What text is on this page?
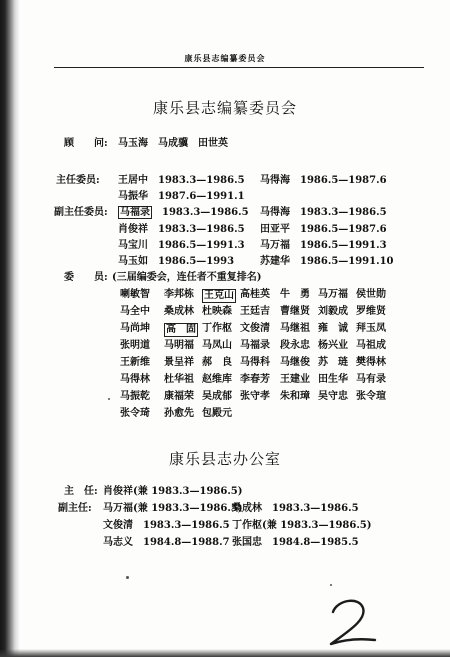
康乐县志编纂委员会
康乐县志编纂委员会
顾　　问: 马玉海　马成骥　田世英
主任委员: 王居中　1983.3—1986.5 马得海　1986.5—1987.6
马振华　1987.6—1991.1
副主任委员: 马福录　 1983.3—1986.5 马得海　1983.3—1986.5
肖俊祥　1983.3—1986.5 田亚平　1986.5—1987.6
马宝川　1986.5—1991.3 马万福　1986.5—1991.3
马玉如　1986.5—1993	苏建华　1986.5—1991.10
委　　员: (三届编委会，连任者不重复排名)
喇敏智 李邦栋 王克山 高桂英 牛　勇 马万福 侯世勋
马全中 桑成林 杜映森 王廷吉 曹继贤 刘毅成 罗维贤
马尚坤 高　固 丁作枢 文俊清 马继祖 雍　诚 拜玉凤
张明道 马明福 马凤山 马福录 段永忠 杨兴业 马祖成
王新维 景呈祥 郝　良 马得科 马继俊 苏　琏 樊得林
马得林 杜华祖 赵维库 李春芳 王建业 田生华 马有录
马振乾 康福荣 吴成郁 张守孝 朱和璋 吴守忠 张令瑄
张令琦 孙愈先 包殿元
康乐县志办公室
主　任: 肖俊祥(兼 1983.3—1986.5)
副主任: 马万福(兼 1983.3—1986.5)
桑成林　1983.3—1986.5
文俊清　1983.3—1986.5 丁作枢(兼 1983.3—1986.5)
马志义　1984.8—1988.7 张国忠　1984.8—1985.5
